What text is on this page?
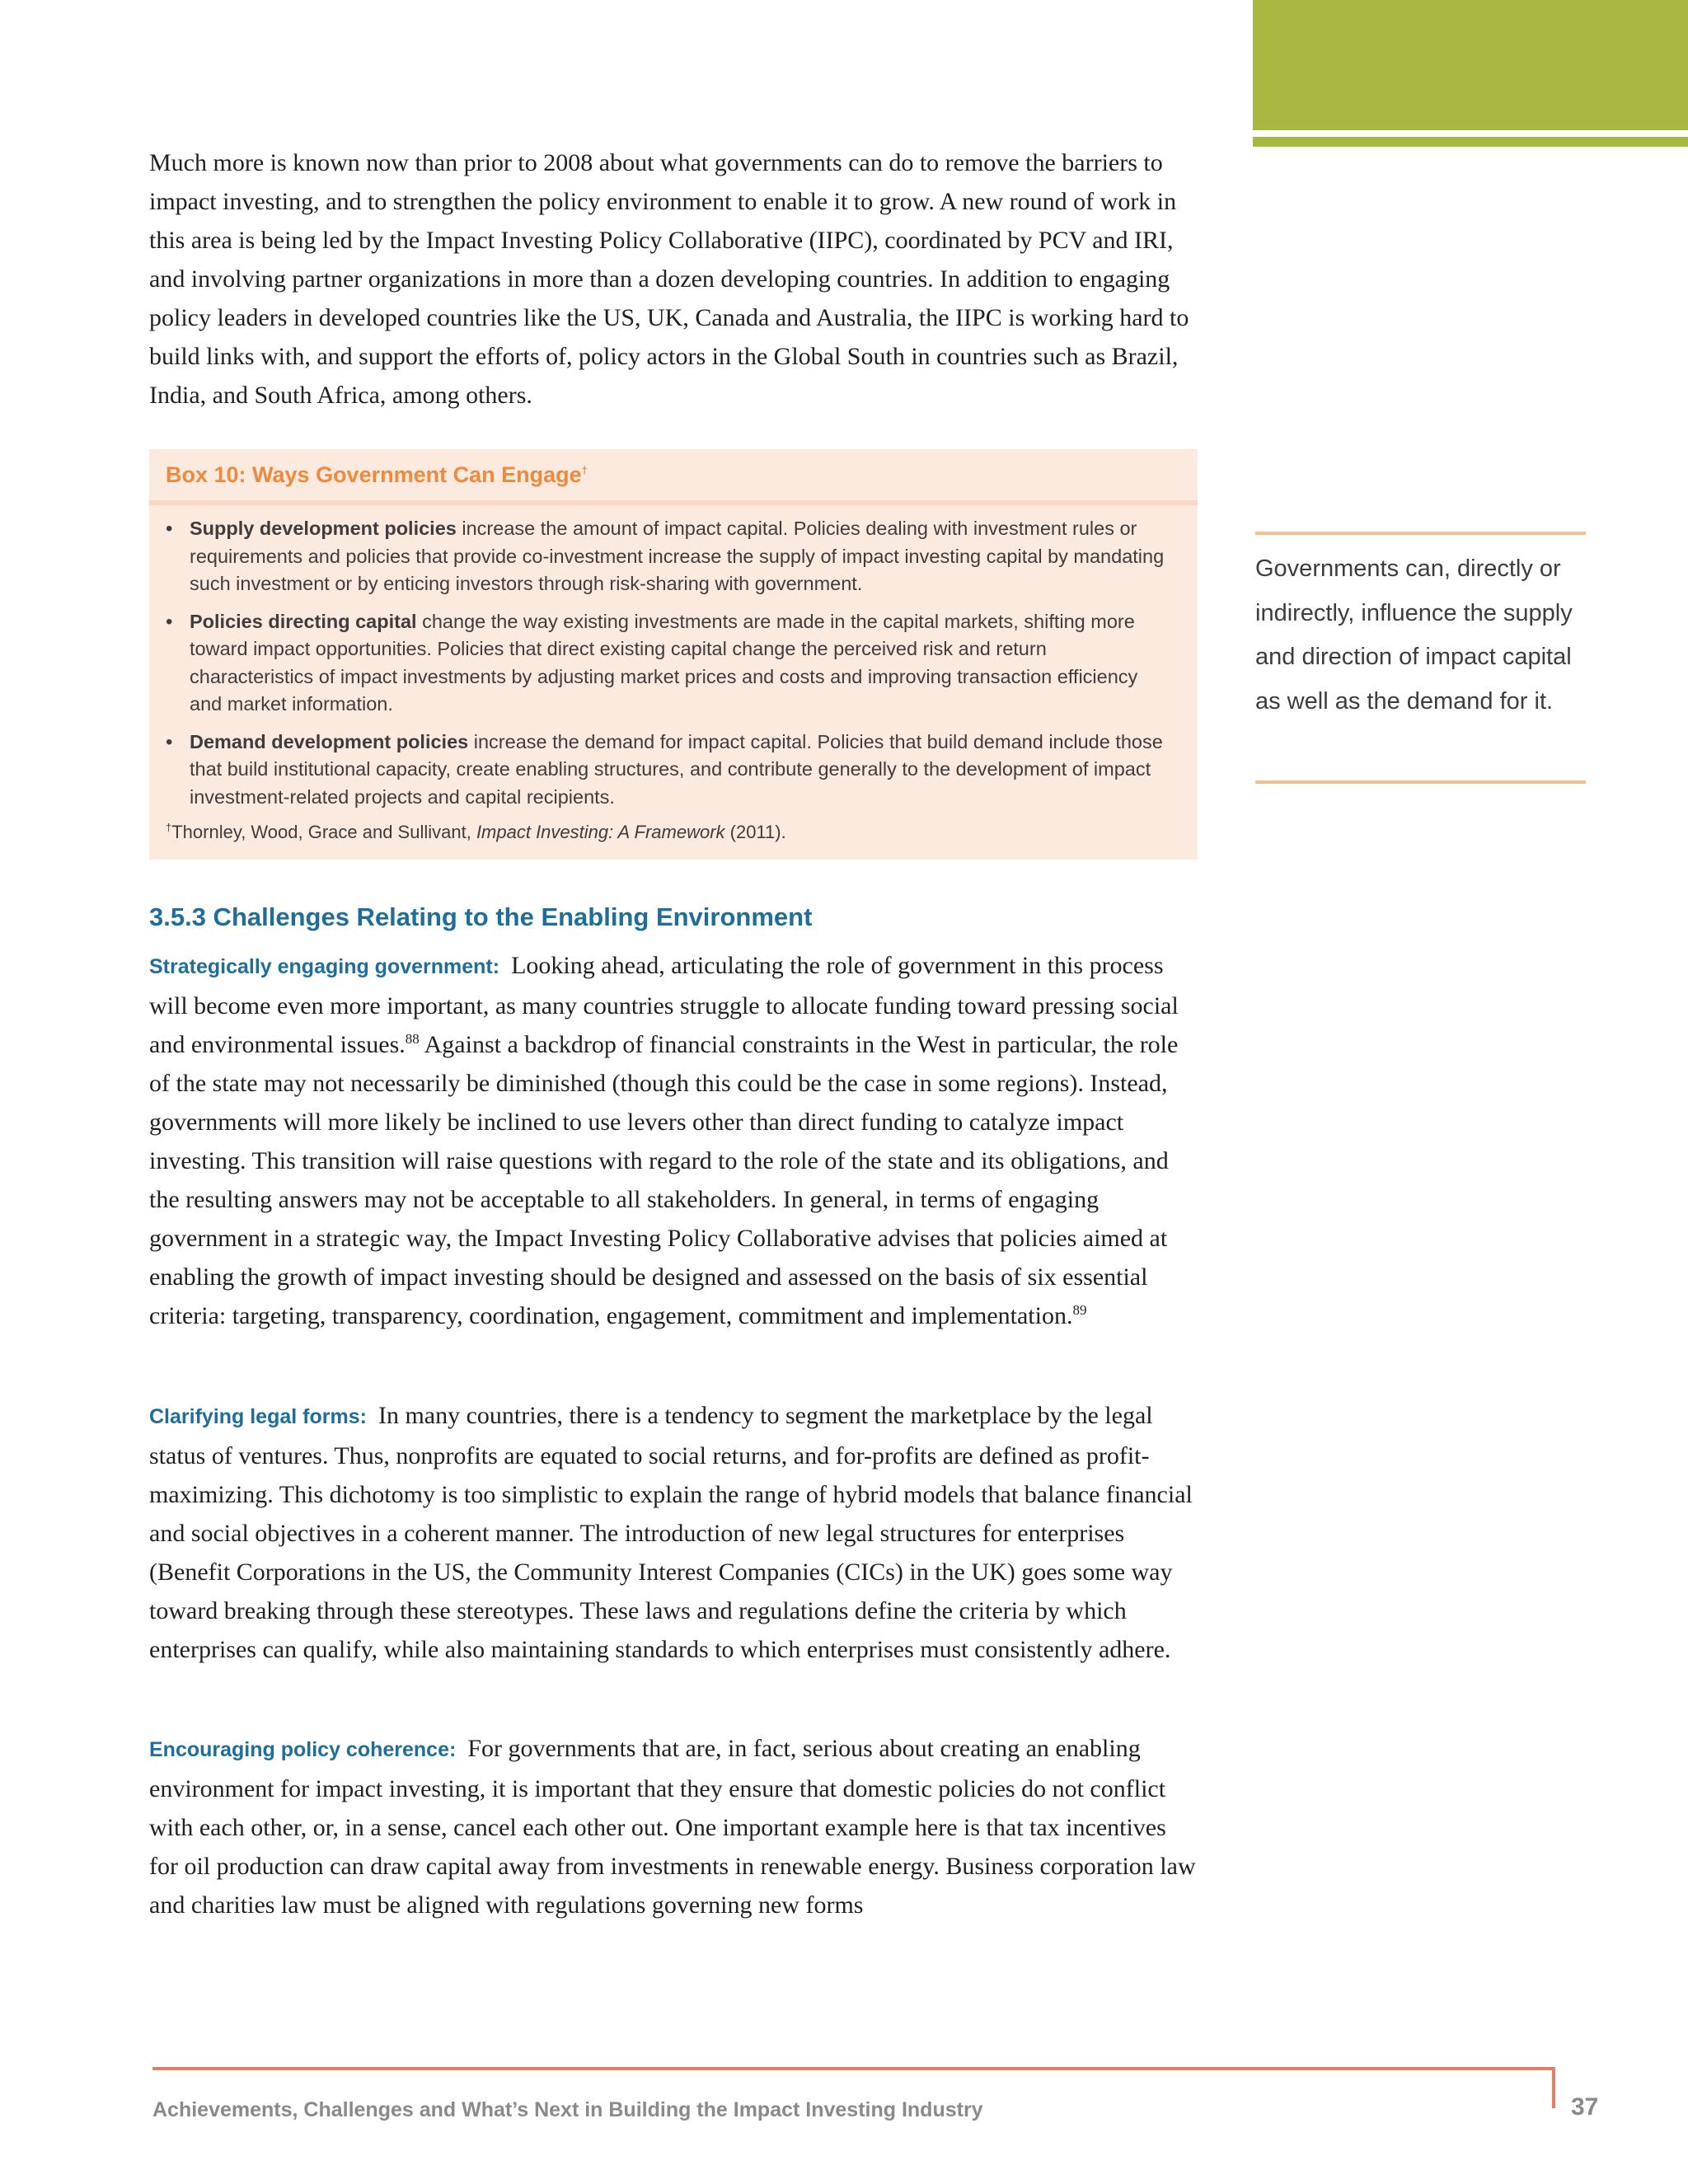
Much more is known now than prior to 2008 about what governments can do to remove the barriers to impact investing, and to strengthen the policy environment to enable it to grow. A new round of work in this area is being led by the Impact Investing Policy Collaborative (IIPC), coordinated by PCV and IRI, and involving partner organizations in more than a dozen developing countries. In addition to engaging policy leaders in developed countries like the US, UK, Canada and Australia, the IIPC is working hard to build links with, and support the efforts of, policy actors in the Global South in countries such as Brazil, India, and South Africa, among others.

Box 10: Ways Government Can Engage†
• Supply development policies increase the amount of impact capital. Policies dealing with investment rules or requirements and policies that provide co-investment increase the supply of impact investing capital by mandating such investment or by enticing investors through risk-sharing with government.
• Policies directing capital change the way existing investments are made in the capital markets, shifting more toward impact opportunities. Policies that direct existing capital change the perceived risk and return characteristics of impact investments by adjusting market prices and costs and improving transaction efficiency and market information.
• Demand development policies increase the demand for impact capital. Policies that build demand include those that build institutional capacity, create enabling structures, and contribute generally to the development of impact investment-related projects and capital recipients.
†Thornley, Wood, Grace and Sullivant, Impact Investing: A Framework (2011).
3.5.3 Challenges Relating to the Enabling Environment

Strategically engaging government: Looking ahead, articulating the role of government in this process will become even more important, as many countries struggle to allocate funding toward pressing social and environmental issues.$^{88}$ Against a backdrop of financial constraints in the West in particular, the role of the state may not necessarily be diminished (though this could be the case in some regions). Instead, governments will more likely be inclined to use levers other than direct funding to catalyze impact investing. This transition will raise questions with regard to the role of the state and its obligations, and the resulting answers may not be acceptable to all stakeholders. In general, in terms of engaging government in a strategic way, the Impact Investing Policy Collaborative advises that policies aimed at enabling the growth of impact investing should be designed and assessed on the basis of six essential criteria: targeting, transparency, coordination, engagement, commitment and implementation.$^{89}$

Clarifying legal forms: In many countries, there is a tendency to segment the marketplace by the legal status of ventures. Thus, nonprofits are equated to social returns, and for-profits are defined as profit-maximizing. This dichotomy is too simplistic to explain the range of hybrid models that balance financial and social objectives in a coherent manner. The introduction of new legal structures for enterprises (Benefit Corporations in the US, the Community Interest Companies (CICs) in the UK) goes some way toward breaking through these stereotypes. These laws and regulations define the criteria by which enterprises can qualify, while also maintaining standards to which enterprises must consistently adhere.

Encouraging policy coherence: For governments that are, in fact, serious about creating an enabling environment for impact investing, it is important that they ensure that domestic policies do not conflict with each other, or, in a sense, cancel each other out. One important example here is that tax incentives for oil production can draw capital away from investments in renewable energy. Business corporation law and charities law must be aligned with regulations governing new forms

Governments can, directly or indirectly, influence the supply and direction of impact capital as well as the demand for it.

Achievements, Challenges and What’s Next in Building the Impact Investing Industry	37
